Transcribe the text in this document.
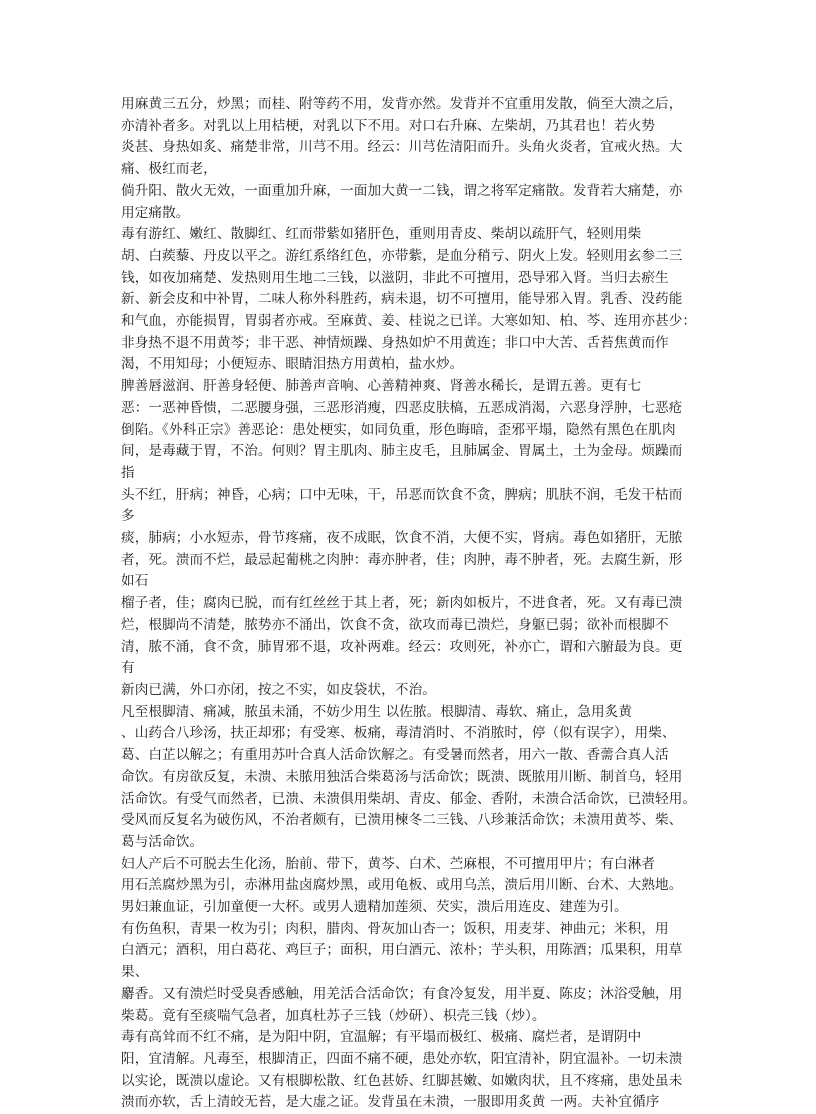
用麻黄三五分，炒黑；而桂、附等药不用，发背亦然。发背并不宜重用发散，倘至大溃之后，
亦清补者多。对乳以上用桔梗，对乳以下不用。对口右升麻、左柴胡，乃其君也！若火势
炎甚、身热如炙、痛楚非常，川芎不用。经云：川芎佐清阳而升。头角火炎者，宜戒火热。大
痛、极红而老，
倘升阳、散火无效，一面重加升麻，一面加大黄一二钱，谓之将军定痛散。发背若大痛楚，亦
用定痛散。
毒有游红、嫩红、散脚红、红而带紫如猪肝色，重则用青皮、柴胡以疏肝气，轻则用柴
胡、白蒺藜、丹皮以平之。游红系络红色，亦带紫，是血分稍亏、阴火上发。轻则用玄参二三
钱，如夜加痛楚、发热则用生地二三钱，以滋阴，非此不可擅用，恐导邪入肾。当归去瘀生
新、新会皮和中补胃，二味人称外科胜药，病未退，切不可擅用，能导邪入胃。乳香、没药能
和气血，亦能损胃，胃弱者亦戒。至麻黄、姜、桂说之已详。大寒如知、柏、芩、连用亦甚少：
非身热不退不用黄芩；非干恶、神情烦躁、身热如炉不用黄连；非口中大苦、舌苔焦黄而作
渴，不用知母；小便短赤、眼睛泪热方用黄柏，盐水炒。
脾善唇滋润、肝善身轻便、肺善声音响、心善精神爽、肾善水稀长，是谓五善。更有七
恶：一恶神昏愦，二恶腰身强，三恶形消瘦，四恶皮肤槁，五恶成消渴，六恶身浮肿，七恶疮
倒陷。《外科正宗》善恶论：患处梗实，如同负重，形色晦暗，歪邪平塌，隐然有黑色在肌肉
间，是毒藏于胃，不治。何则？胃主肌肉、肺主皮毛，且肺属金、胃属土，土为金母。烦躁而
指
头不红，肝病；神昏，心病；口中无味，干，吊恶而饮食不贪，脾病；肌肤不润，毛发干枯而
多
痰，肺病；小水短赤，骨节疼痛，夜不成眠，饮食不消，大便不实，肾病。毒色如猪肝，无脓
者，死。溃而不烂，最忌起葡桃之肉肿：毒亦肿者，佳；肉肿，毒不肿者，死。去腐生新，形
如石
榴子者，佳；腐肉已脱，而有红丝丝于其上者，死；新肉如板片，不进食者，死。又有毒已溃
烂，根脚尚不清楚，脓势亦不涌出，饮食不贪，欲攻而毒已溃烂，身躯已弱；欲补而根脚不
清，脓不涌，食不贪，肺胃邪不退，攻补两难。经云：攻则死，补亦亡，谓和六腑最为良。更
有
新肉已满，外口亦闭，按之不实，如皮袋状，不治。
凡至根脚清、痛减，脓虽未涌，不妨少用生 以佐脓。根脚清、毒软、痛止，急用炙黄
、山药合八珍汤，扶正却邪；有受寒、板痛，毒清消时、不消脓时，停（似有误字），用柴、
葛、白芷以解之；有重用苏叶合真人活命饮解之。有受暑而然者，用六一散、香薷合真人活
命饮。有房欲反复，未溃、未脓用独活合柴葛汤与活命饮；既溃、既脓用川断、制首乌，轻用
活命饮。有受气而然者，已溃、未溃俱用柴胡、青皮、郁金、香附，未溃合活命饮，已溃轻用。
受风而反复名为破伤风，不治者颇有，已溃用楝冬二三钱、八珍兼活命饮；未溃用黄芩、柴、
葛与活命饮。
妇人产后不可脱去生化汤，胎前、带下，黄芩、白术、苎麻根，不可擅用甲片；有白淋者
用石羔腐炒黑为引，赤淋用盐卤腐炒黑，或用龟板、或用乌羔，溃后用川断、台术、大熟地。
男妇兼血证，引加童便一大杯。或男人遗精加莲须、芡实，溃后用连皮、建莲为引。
有伤鱼积，青果一枚为引；肉积，腊肉、骨灰加山杏一；饭积，用麦芽、神曲元；米积，用
白酒元；酒积，用白葛花、鸡巨子；面积，用白酒元、浓朴；芋头积，用陈酒；瓜果积，用草
果、
麝香。又有溃烂时受臭香感触，用羌活合活命饮；有食冷复发，用半夏、陈皮；沐浴受触，用
柴葛。竟有至痰喘气急者，加真杜苏子三钱（炒研）、枳壳三钱（炒）。
毒有高耸而不红不痛，是为阳中阴，宜温解；有平塌而极红、极痛、腐烂者，是谓阴中
阳，宜清解。凡毒至，根脚清正，四面不痛不硬，患处亦软，阳宜清补，阴宜温补。一切未溃
以实论，既溃以虚论。又有根脚松散、红色甚娇、红脚甚嫩、如嫩肉状，且不疼痛，患处虽未
溃而亦软，舌上清皎无苔，是大虚之证。发背虽在未溃，一服即用炙黄 一两。夫补宜循序
